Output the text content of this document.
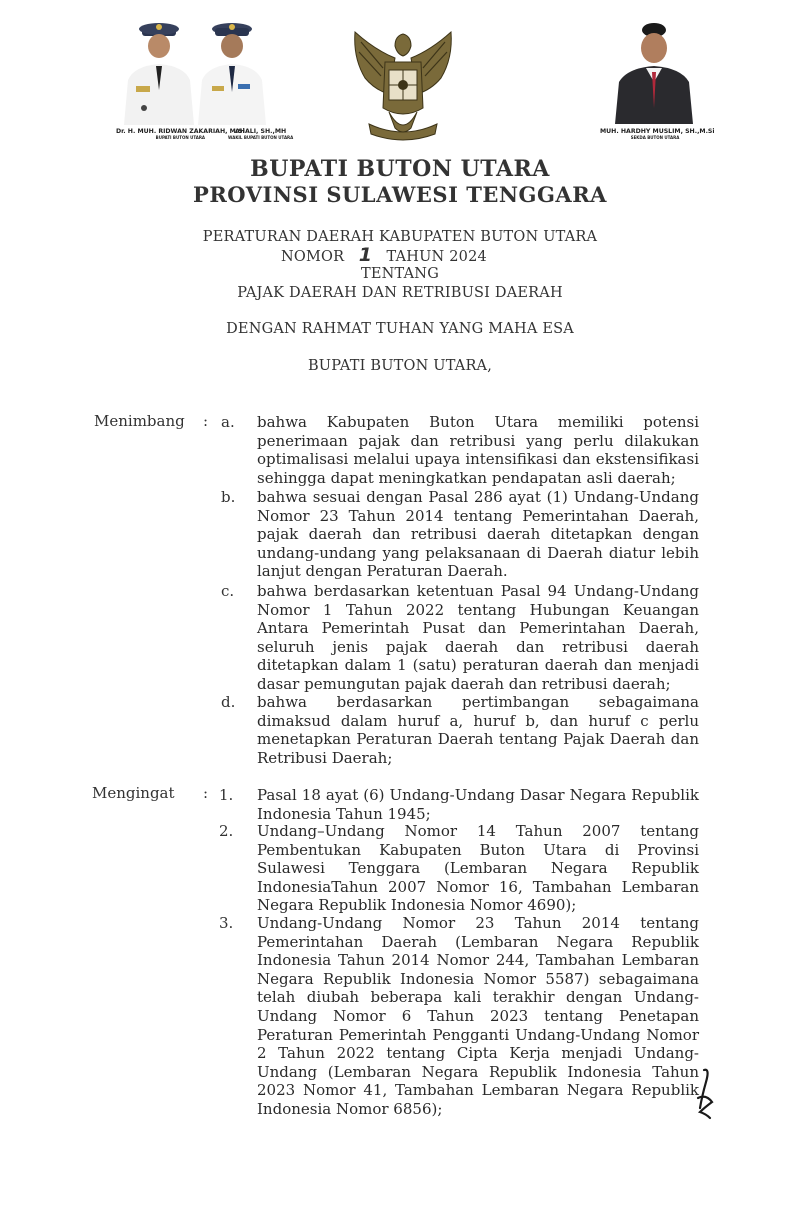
Dr. H. MUH. RIDWAN ZAKARIAH, M.Si
BUPATI BUTON UTARA
AHALI, SH.,MH
WAKIL BUPATI BUTON UTARA
MUH. HARDHY MUSLIM, SH.,M.Si
SEKDA BUTON UTARA
BUPATI BUTON UTARA
PROVINSI SULAWESI TENGGARA
PERATURAN DAERAH KABUPATEN BUTON UTARA
NOMOR 1 TAHUN 2024
TENTANG
PAJAK DAERAH DAN RETRIBUSI DAERAH
DENGAN RAHMAT TUHAN YANG MAHA ESA
BUPATI BUTON UTARA,
Menimbang : a. bahwa Kabupaten Buton Utara memiliki potensi penerimaan pajak dan retribusi yang perlu dilakukan optimalisasi melalui upaya intensifikasi dan ekstensifikasi sehingga dapat meningkatkan pendapatan asli daerah;
b. bahwa sesuai dengan Pasal 286 ayat (1) Undang-Undang Nomor 23 Tahun 2014 tentang Pemerintahan Daerah, pajak daerah dan retribusi daerah ditetapkan dengan undang-undang yang pelaksanaan di Daerah diatur lebih lanjut dengan Peraturan Daerah.
c. bahwa berdasarkan ketentuan Pasal 94 Undang-Undang Nomor 1 Tahun 2022 tentang Hubungan Keuangan Antara Pemerintah Pusat dan Pemerintahan Daerah, seluruh jenis pajak daerah dan retribusi daerah ditetapkan dalam 1 (satu) peraturan daerah dan menjadi dasar pemungutan pajak daerah dan retribusi daerah;
d. bahwa berdasarkan pertimbangan sebagaimana dimaksud dalam huruf a, huruf b, dan huruf c perlu menetapkan Peraturan Daerah tentang Pajak Daerah dan Retribusi Daerah;
Mengingat : 1. Pasal 18 ayat (6) Undang-Undang Dasar Negara Republik Indonesia Tahun 1945;
2. Undang–Undang Nomor 14 Tahun 2007 tentang Pembentukan Kabupaten Buton Utara di Provinsi Sulawesi Tenggara (Lembaran Negara Republik IndonesiaTahun 2007 Nomor 16, Tambahan Lembaran Negara Republik Indonesia Nomor 4690);
3. Undang-Undang Nomor 23 Tahun 2014 tentang Pemerintahan Daerah (Lembaran Negara Republik Indonesia Tahun 2014 Nomor 244, Tambahan Lembaran Negara Republik Indonesia Nomor 5587) sebagaimana telah diubah beberapa kali terakhir dengan Undang-Undang Nomor 6 Tahun 2023 tentang Penetapan Peraturan Pemerintah Pengganti Undang-Undang Nomor 2 Tahun 2022 tentang Cipta Kerja menjadi Undang-Undang (Lembaran Negara Republik Indonesia Tahun 2023 Nomor 41, Tambahan Lembaran Negara Republik Indonesia Nomor 6856);
